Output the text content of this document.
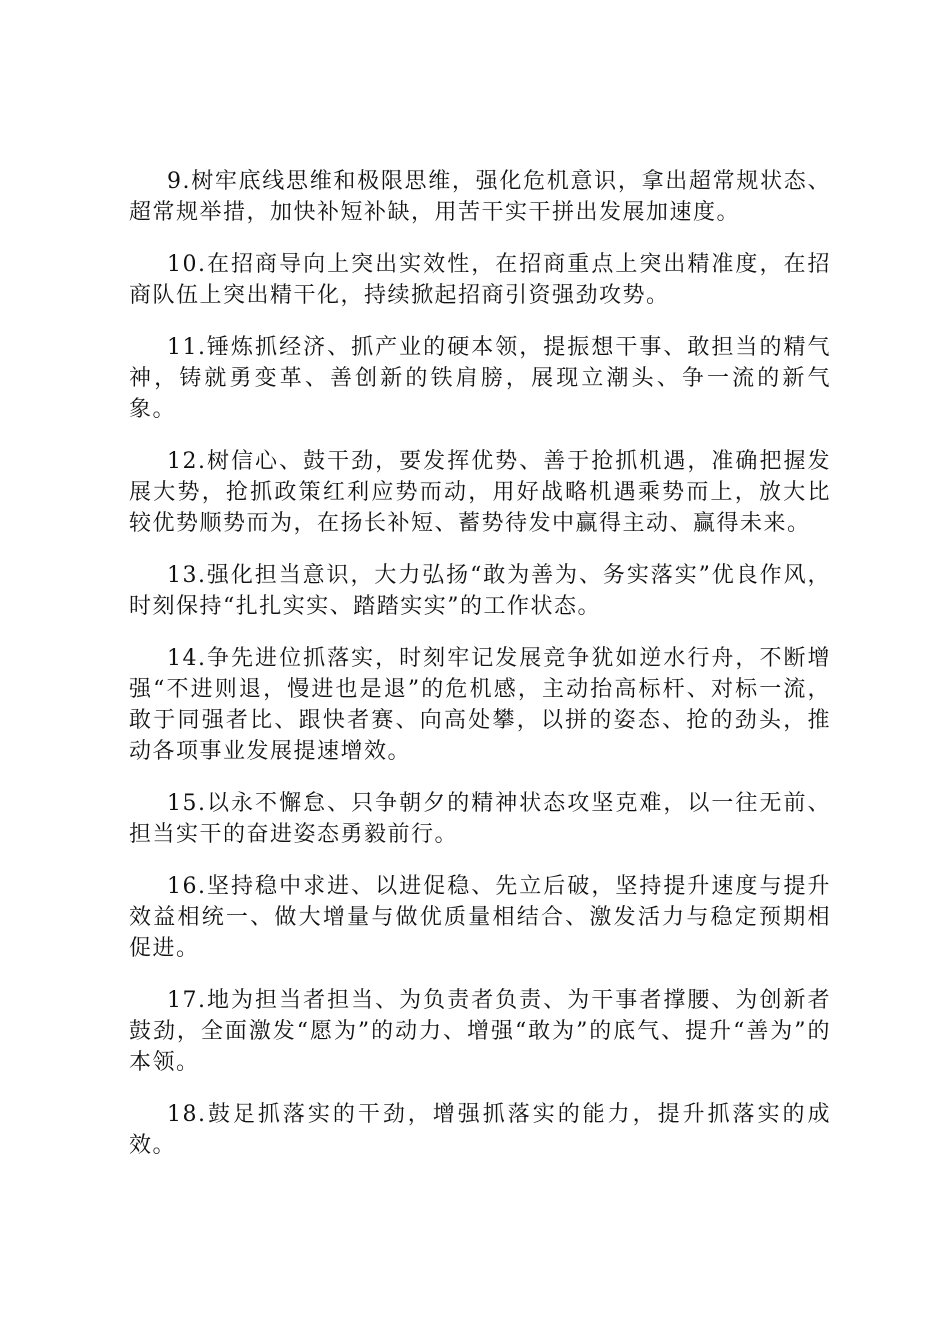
9.树牢底线思维和极限思维，强化危机意识，拿出超常规状态、超常规举措，加快补短补缺，用苦干实干拼出发展加速度。

10.在招商导向上突出实效性，在招商重点上突出精准度，在招商队伍上突出精干化，持续掀起招商引资强劲攻势。

11.锤炼抓经济、抓产业的硬本领，提振想干事、敢担当的精气神，铸就勇变革、善创新的铁肩膀，展现立潮头、争一流的新气象。

12.树信心、鼓干劲，要发挥优势、善于抢抓机遇，准确把握发展大势，抢抓政策红利应势而动，用好战略机遇乘势而上，放大比较优势顺势而为，在扬长补短、蓄势待发中赢得主动、赢得未来。

13.强化担当意识，大力弘扬“敢为善为、务实落实”优良作风，时刻保持“扎扎实实、踏踏实实”的工作状态。

14.争先进位抓落实，时刻牢记发展竞争犹如逆水行舟，不断增强“不进则退，慢进也是退”的危机感，主动抬高标杆、对标一流，敢于同强者比、跟快者赛、向高处攀，以拼的姿态、抢的劲头，推动各项事业发展提速增效。

15.以永不懈怠、只争朝夕的精神状态攻坚克难，以一往无前、担当实干的奋进姿态勇毅前行。

16.坚持稳中求进、以进促稳、先立后破，坚持提升速度与提升效益相统一、做大增量与做优质量相结合、激发活力与稳定预期相促进。

17.地为担当者担当、为负责者负责、为干事者撑腰、为创新者鼓劲，全面激发“愿为”的动力、增强“敢为”的底气、提升“善为”的本领。

18.鼓足抓落实的干劲，增强抓落实的能力，提升抓落实的成效。
